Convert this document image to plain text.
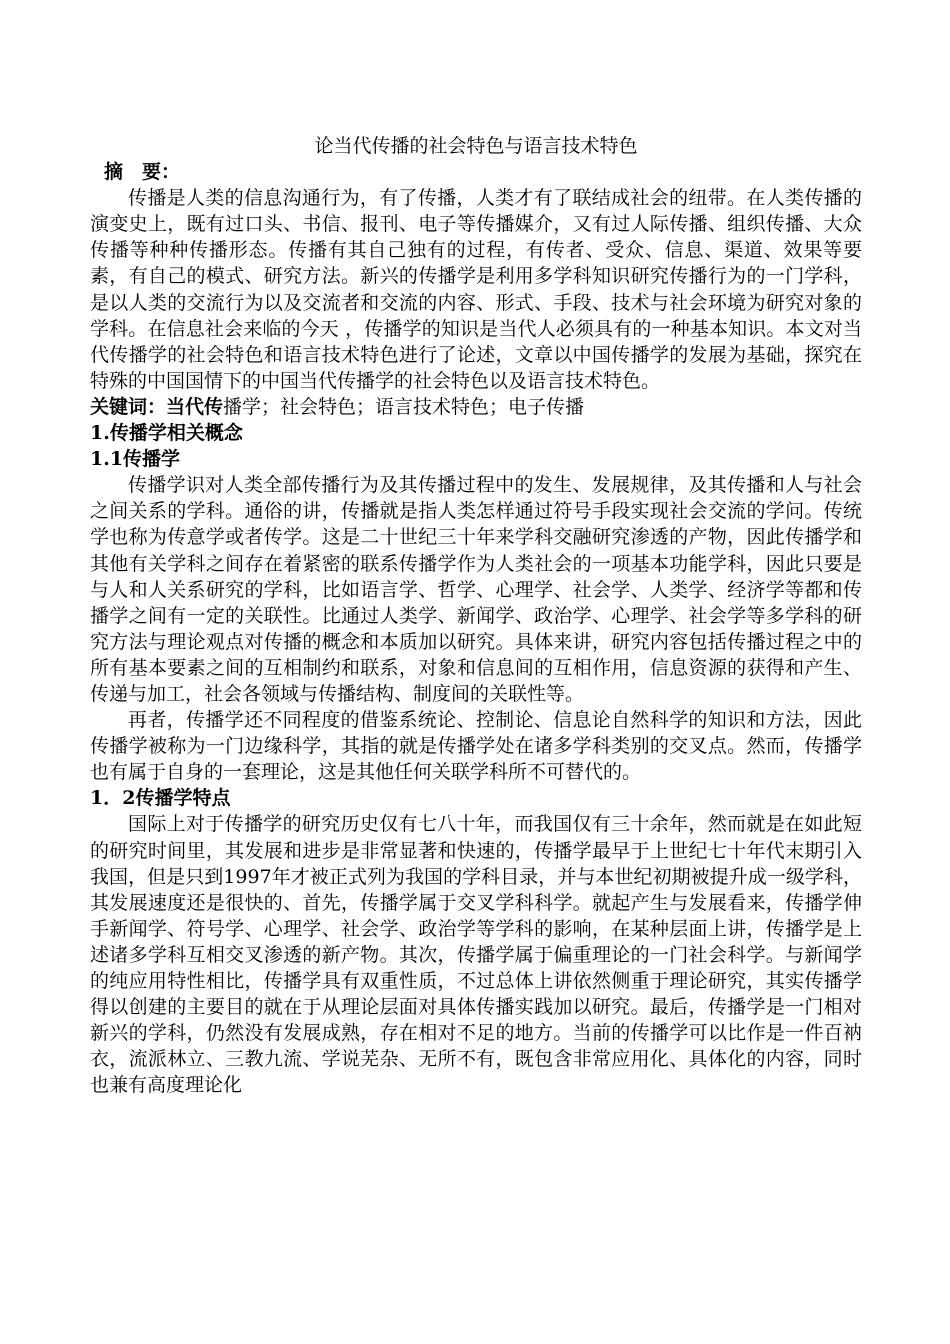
论当代传播的社会特色与语言技术特色

摘　要：

传播是人类的信息沟通行为，有了传播，人类才有了联结成社会的纽带。在人类传播的演变史上，既有过口头、书信、报刊、电子等传播媒介，又有过人际传播、组织传播、大众传播等种种传播形态。传播有其自己独有的过程，有传者、受众、信息、渠道、效果等要素，有自己的模式、研究方法。新兴的传播学是利用多学科知识研究传播行为的一门学科，是以人类的交流行为以及交流者和交流的内容、形式、手段、技术与社会环境为研究对象的学科。在信息社会来临的今天 ，传播学的知识是当代人必须具有的一种基本知识。本文对当代传播学的社会特色和语言技术特色进行了论述，文章以中国传播学的发展为基础，探究在特殊的中国国情下的中国当代传播学的社会特色以及语言技术特色。

关键词：当代传播学；社会特色；语言技术特色；电子传播

1.传播学相关概念

1.1传播学

传播学识对人类全部传播行为及其传播过程中的发生、发展规律，及其传播和人与社会之间关系的学科。通俗的讲，传播就是指人类怎样通过符号手段实现社会交流的学问。传统学也称为传意学或者传学。这是二十世纪三十年来学科交融研究渗透的产物，因此传播学和其他有关学科之间存在着紧密的联系传播学作为人类社会的一项基本功能学科，因此只要是与人和人关系研究的学科，比如语言学、哲学、心理学、社会学、人类学、经济学等都和传播学之间有一定的关联性。比通过人类学、新闻学、政治学、心理学、社会学等多学科的研究方法与理论观点对传播的概念和本质加以研究。具体来讲，研究内容包括传播过程之中的所有基本要素之间的互相制约和联系，对象和信息间的互相作用，信息资源的获得和产生、传递与加工，社会各领域与传播结构、制度间的关联性等。

再者，传播学还不同程度的借鉴系统论、控制论、信息论自然科学的知识和方法，因此传播学被称为一门边缘科学，其指的就是传播学处在诸多学科类别的交叉点。然而，传播学也有属于自身的一套理论，这是其他任何关联学科所不可替代的。

1．2传播学特点

国际上对于传播学的研究历史仅有七八十年，而我国仅有三十余年，然而就是在如此短的研究时间里，其发展和进步是非常显著和快速的，传播学最早于上世纪七十年代末期引入我国，但是只到1997年才被正式列为我国的学科目录，并与本世纪初期被提升成一级学科，其发展速度还是很快的、首先，传播学属于交叉学科科学。就起产生与发展看来，传播学伸手新闻学、符号学、心理学、社会学、政治学等学科的影响，在某种层面上讲，传播学是上述诸多学科互相交叉渗透的新产物。其次，传播学属于偏重理论的一门社会科学。与新闻学的纯应用特性相比，传播学具有双重性质，不过总体上讲依然侧重于理论研究，其实传播学得以创建的主要目的就在于从理论层面对具体传播实践加以研究。最后，传播学是一门相对新兴的学科，仍然没有发展成熟，存在相对不足的地方。当前的传播学可以比作是一件百衲衣，流派林立、三教九流、学说芜杂、无所不有，既包含非常应用化、具体化的内容，同时也兼有高度理论化
